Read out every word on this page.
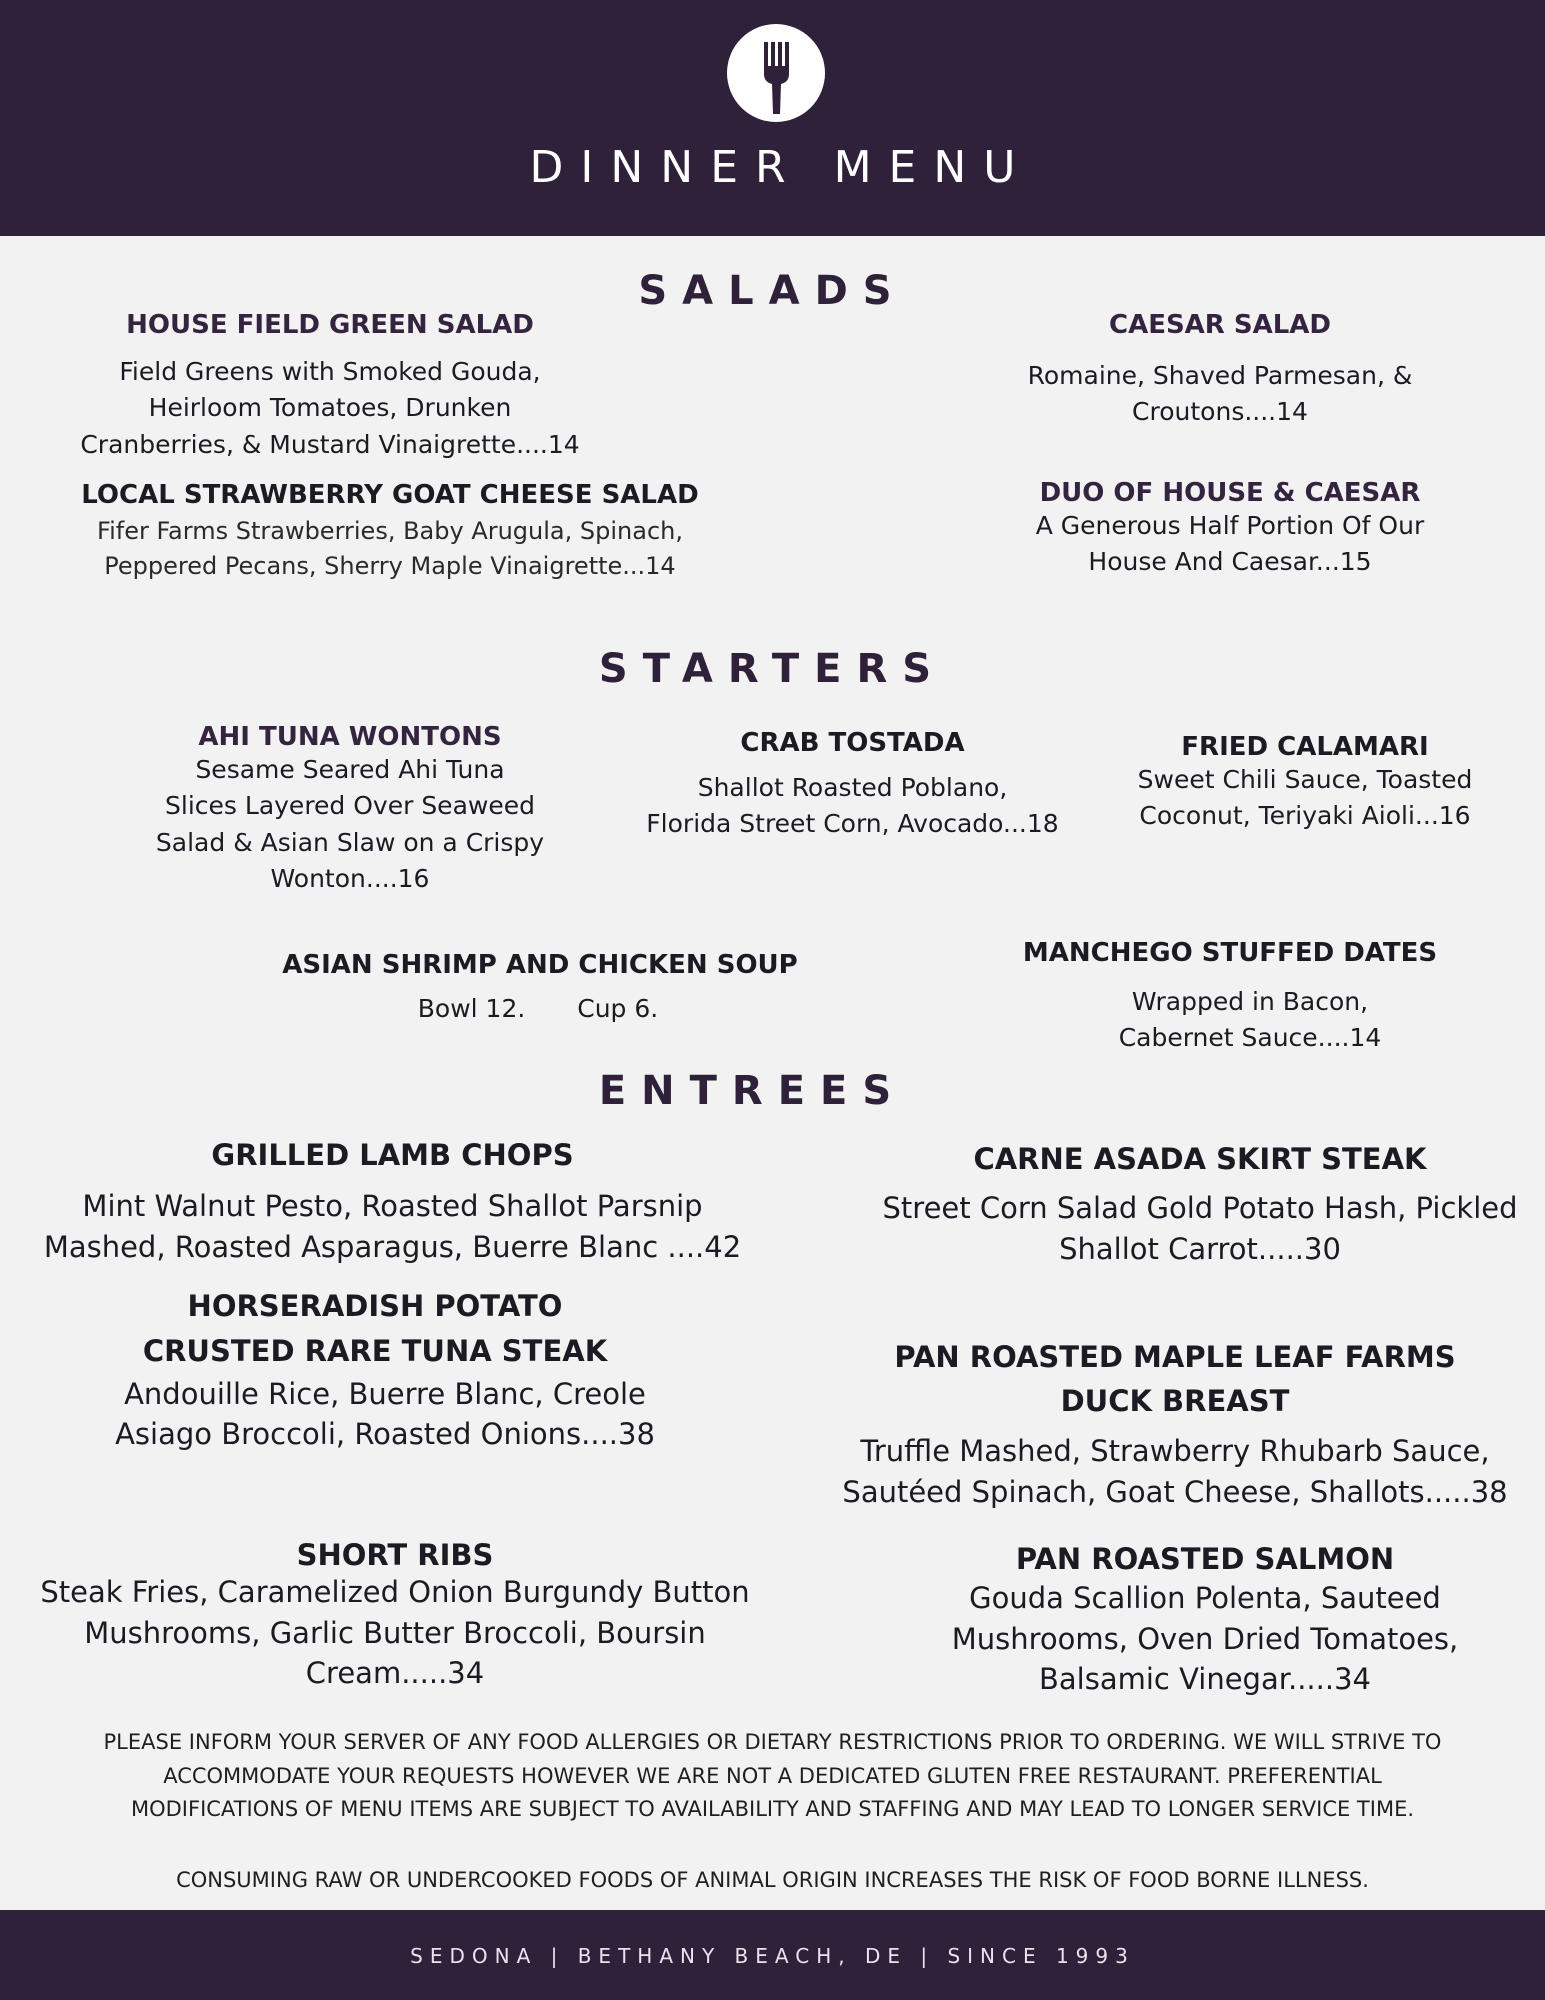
DINNER MENU
SALADS
HOUSE FIELD GREEN SALAD
Field Greens with Smoked Gouda,
Heirloom Tomatoes, Drunken
Cranberries, & Mustard Vinaigrette....14
CAESAR SALAD
Romaine, Shaved Parmesan, &
Croutons....14
LOCAL STRAWBERRY GOAT CHEESE SALAD
Fifer Farms Strawberries, Baby Arugula, Spinach,
Peppered Pecans, Sherry Maple Vinaigrette...14
DUO OF HOUSE & CAESAR
A Generous Half Portion Of Our
House And Caesar...15
STARTERS
AHI TUNA WONTONS
Sesame Seared Ahi Tuna
Slices Layered Over Seaweed
Salad & Asian Slaw on a Crispy
Wonton....16
CRAB TOSTADA
Shallot Roasted Poblano,
Florida Street Corn, Avocado...18
FRIED CALAMARI
Sweet Chili Sauce, Toasted
Coconut, Teriyaki Aioli...16
ASIAN SHRIMP AND CHICKEN SOUP
Bowl 12. Cup 6.
MANCHEGO STUFFED DATES
Wrapped in Bacon,
Cabernet Sauce....14
ENTREES
GRILLED LAMB CHOPS
Mint Walnut Pesto, Roasted Shallot Parsnip
Mashed, Roasted Asparagus, Buerre Blanc ....42
CARNE ASADA SKIRT STEAK
Street Corn Salad Gold Potato Hash, Pickled
Shallot Carrot.....30
HORSERADISH POTATO
CRUSTED RARE TUNA STEAK
Andouille Rice, Buerre Blanc, Creole
Asiago Broccoli, Roasted Onions....38
PAN ROASTED MAPLE LEAF FARMS
DUCK BREAST
Truffle Mashed, Strawberry Rhubarb Sauce,
Sautéed Spinach, Goat Cheese, Shallots.....38
SHORT RIBS
Steak Fries, Caramelized Onion Burgundy Button
Mushrooms, Garlic Butter Broccoli, Boursin
Cream.....34
PAN ROASTED SALMON
Gouda Scallion Polenta, Sauteed
Mushrooms, Oven Dried Tomatoes,
Balsamic Vinegar.....34
PLEASE INFORM YOUR SERVER OF ANY FOOD ALLERGIES OR DIETARY RESTRICTIONS PRIOR TO ORDERING. WE WILL STRIVE TO
ACCOMMODATE YOUR REQUESTS HOWEVER WE ARE NOT A DEDICATED GLUTEN FREE RESTAURANT. PREFERENTIAL
MODIFICATIONS OF MENU ITEMS ARE SUBJECT TO AVAILABILITY AND STAFFING AND MAY LEAD TO LONGER SERVICE TIME.
CONSUMING RAW OR UNDERCOOKED FOODS OF ANIMAL ORIGIN INCREASES THE RISK OF FOOD BORNE ILLNESS.
SEDONA | BETHANY BEACH, DE | SINCE 1993
